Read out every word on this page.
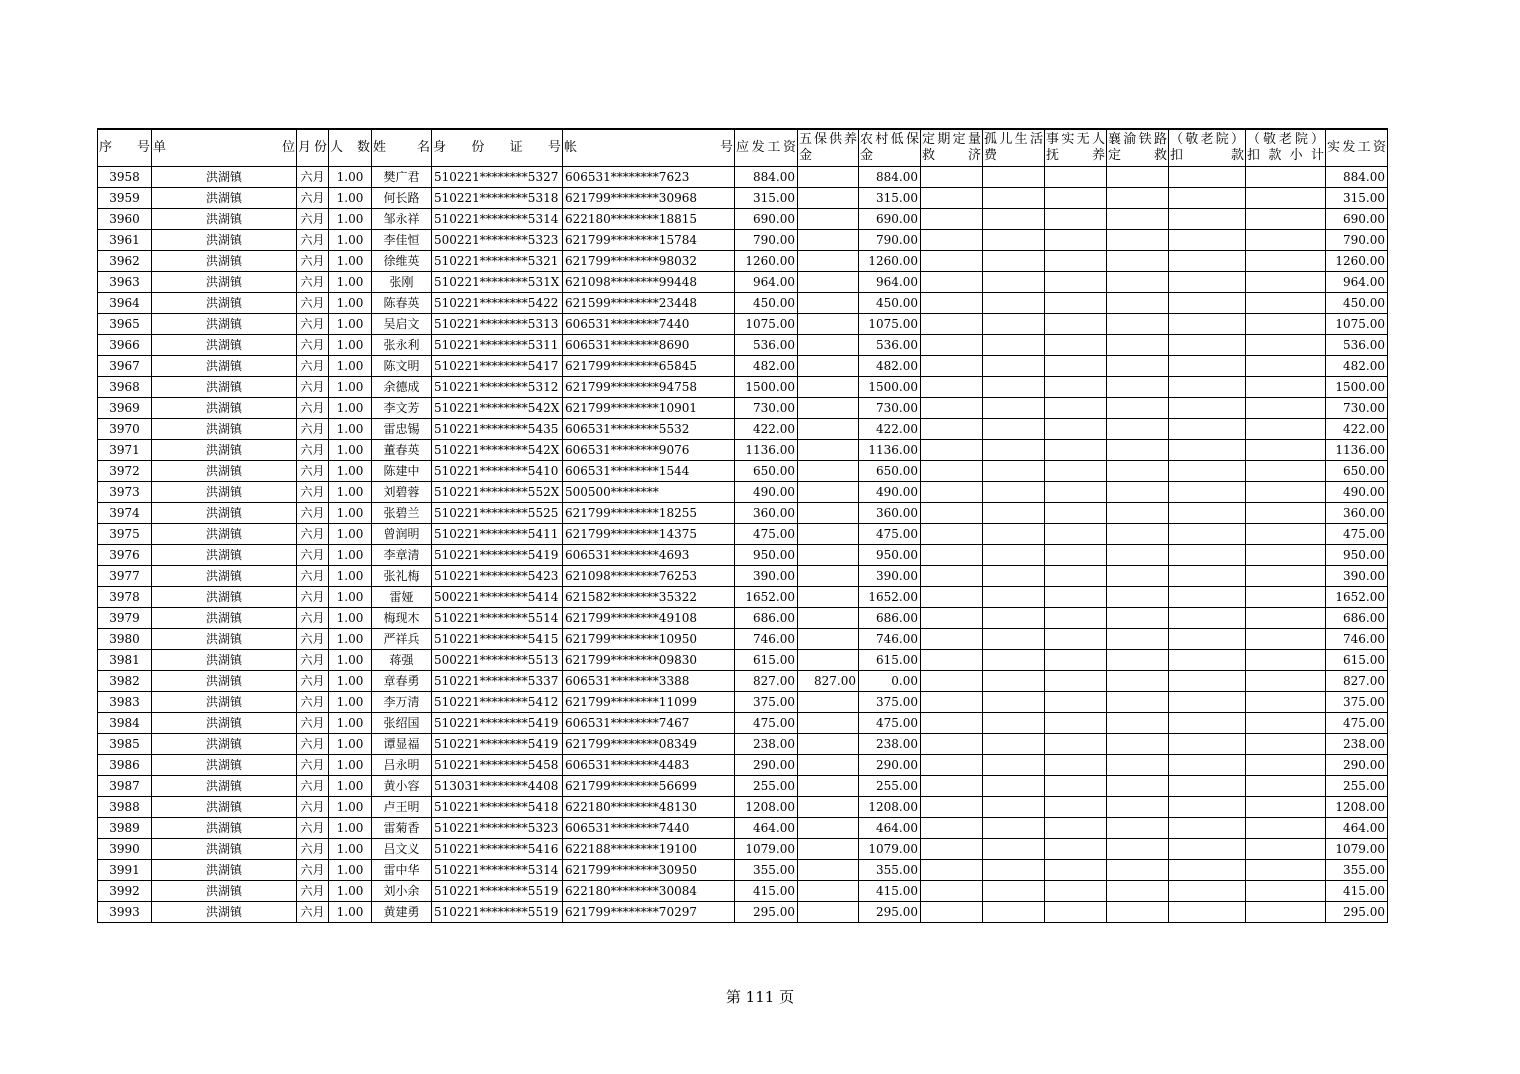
序　号	单　位	月份	人 数	姓　名	身　份　证　号	帐　号	应发工资	五保供养金	农村低保金	定期定量救济	孤儿生活费	事实无人抚养	襄渝铁路定救	（敬老院）扣款	（敬老院）扣款小计	实发工资
3958	洪湖镇	六月	1.00	樊广君	510221********5327	606531********7623	884.00		884.00							884.00
3959	洪湖镇	六月	1.00	何长路	510221********5318	621799********30968	315.00		315.00							315.00
3960	洪湖镇	六月	1.00	邹永祥	510221********5314	622180********18815	690.00		690.00							690.00
3961	洪湖镇	六月	1.00	李佳恒	500221********5323	621799********15784	790.00		790.00							790.00
3962	洪湖镇	六月	1.00	徐维英	510221********5321	621799********98032	1260.00		1260.00							1260.00
3963	洪湖镇	六月	1.00	张刚	510221********531X	621098********99448	964.00		964.00							964.00
3964	洪湖镇	六月	1.00	陈春英	510221********5422	621599********23448	450.00		450.00							450.00
3965	洪湖镇	六月	1.00	吴启文	510221********5313	606531********7440	1075.00		1075.00							1075.00
3966	洪湖镇	六月	1.00	张永利	510221********5311	606531********8690	536.00		536.00							536.00
3967	洪湖镇	六月	1.00	陈文明	510221********5417	621799********65845	482.00		482.00							482.00
3968	洪湖镇	六月	1.00	余德成	510221********5312	621799********94758	1500.00		1500.00							1500.00
3969	洪湖镇	六月	1.00	李文芳	510221********542X	621799********10901	730.00		730.00							730.00
3970	洪湖镇	六月	1.00	雷忠锡	510221********5435	606531********5532	422.00		422.00							422.00
3971	洪湖镇	六月	1.00	董春英	510221********542X	606531********9076	1136.00		1136.00							1136.00
3972	洪湖镇	六月	1.00	陈建中	510221********5410	606531********1544	650.00		650.00							650.00
3973	洪湖镇	六月	1.00	刘碧蓉	510221********552X	500500********	490.00		490.00							490.00
3974	洪湖镇	六月	1.00	张碧兰	510221********5525	621799********18255	360.00		360.00							360.00
3975	洪湖镇	六月	1.00	曾润明	510221********5411	621799********14375	475.00		475.00							475.00
3976	洪湖镇	六月	1.00	李章清	510221********5419	606531********4693	950.00		950.00							950.00
3977	洪湖镇	六月	1.00	张礼梅	510221********5423	621098********76253	390.00		390.00							390.00
3978	洪湖镇	六月	1.00	雷娅	500221********5414	621582********35322	1652.00		1652.00							1652.00
3979	洪湖镇	六月	1.00	梅现木	510221********5514	621799********49108	686.00		686.00							686.00
3980	洪湖镇	六月	1.00	严祥兵	510221********5415	621799********10950	746.00		746.00							746.00
3981	洪湖镇	六月	1.00	蒋强	500221********5513	621799********09830	615.00		615.00							615.00
3982	洪湖镇	六月	1.00	章春勇	510221********5337	606531********3388	827.00	827.00	0.00							827.00
3983	洪湖镇	六月	1.00	李万清	510221********5412	621799********11099	375.00		375.00							375.00
3984	洪湖镇	六月	1.00	张绍国	510221********5419	606531********7467	475.00		475.00							475.00
3985	洪湖镇	六月	1.00	谭显福	510221********5419	621799********08349	238.00		238.00							238.00
3986	洪湖镇	六月	1.00	吕永明	510221********5458	606531********4483	290.00		290.00							290.00
3987	洪湖镇	六月	1.00	黄小容	513031********4408	621799********56699	255.00		255.00							255.00
3988	洪湖镇	六月	1.00	卢王明	510221********5418	622180********48130	1208.00		1208.00							1208.00
3989	洪湖镇	六月	1.00	雷菊香	510221********5323	606531********7440	464.00		464.00							464.00
3990	洪湖镇	六月	1.00	吕文义	510221********5416	622188********19100	1079.00		1079.00							1079.00
3991	洪湖镇	六月	1.00	雷中华	510221********5314	621799********30950	355.00		355.00							355.00
3992	洪湖镇	六月	1.00	刘小余	510221********5519	622180********30084	415.00		415.00							415.00
3993	洪湖镇	六月	1.00	黄建勇	510221********5519	621799********70297	295.00		295.00							295.00
第 111 页
